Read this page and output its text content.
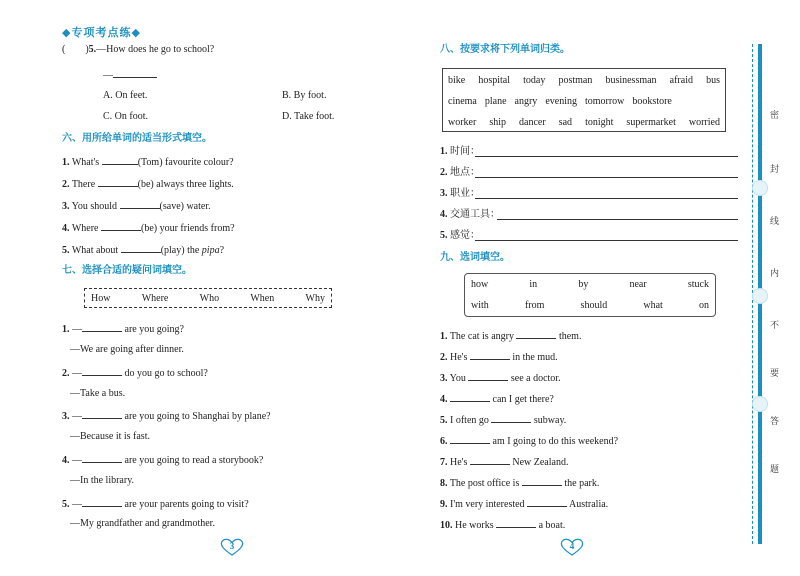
◆专项考点练◆
(　　)5.—How does he go to school?
—
A. On feet.	B. By foot.
C. On foot.	D. Take foot.
六、用所给单词的适当形式填空。
1. What's	(Tom) favourite colour?
2. There	(be) always three lights.
3. You should	(save) water.
4. Where	(be) your friends from?
5. What about	(play) the pipa?
七、选择合适的疑问词填空。
How	Where	Who	When	Why
1. —	are you going?
—We are going after dinner.
2. —	do you go to school?
—Take a bus.
3. —	are you going to Shanghai by plane?
—Because it is fast.
4. —	are you going to read a storybook?
—In the library.
5. —	are your parents going to visit?
—My grandfather and grandmother.
3
八、按要求将下列单词归类。
bike hospital today postman businessman afraid bus
cinema plane angry evening tomorrow bookstore
worker ship dancer sad tonight supermarket worried
1. 时间：
2. 地点：
3. 职业：
4. 交通工具：
5. 感觉：
九、选词填空。
how	in	by	near	stuck
with	from	should	what	on
1. The cat is angry	them.
2. He's	in the mud.
3. You	see a doctor.
4.	can I get there?
5. I often go	subway.
6.	am I going to do this weekend?
7. He's	New Zealand.
8. The post office is	the park.
9. I'm very interested	Australia.
10. He works	a boat.
4
密
封
线
内
不
要
答
题
